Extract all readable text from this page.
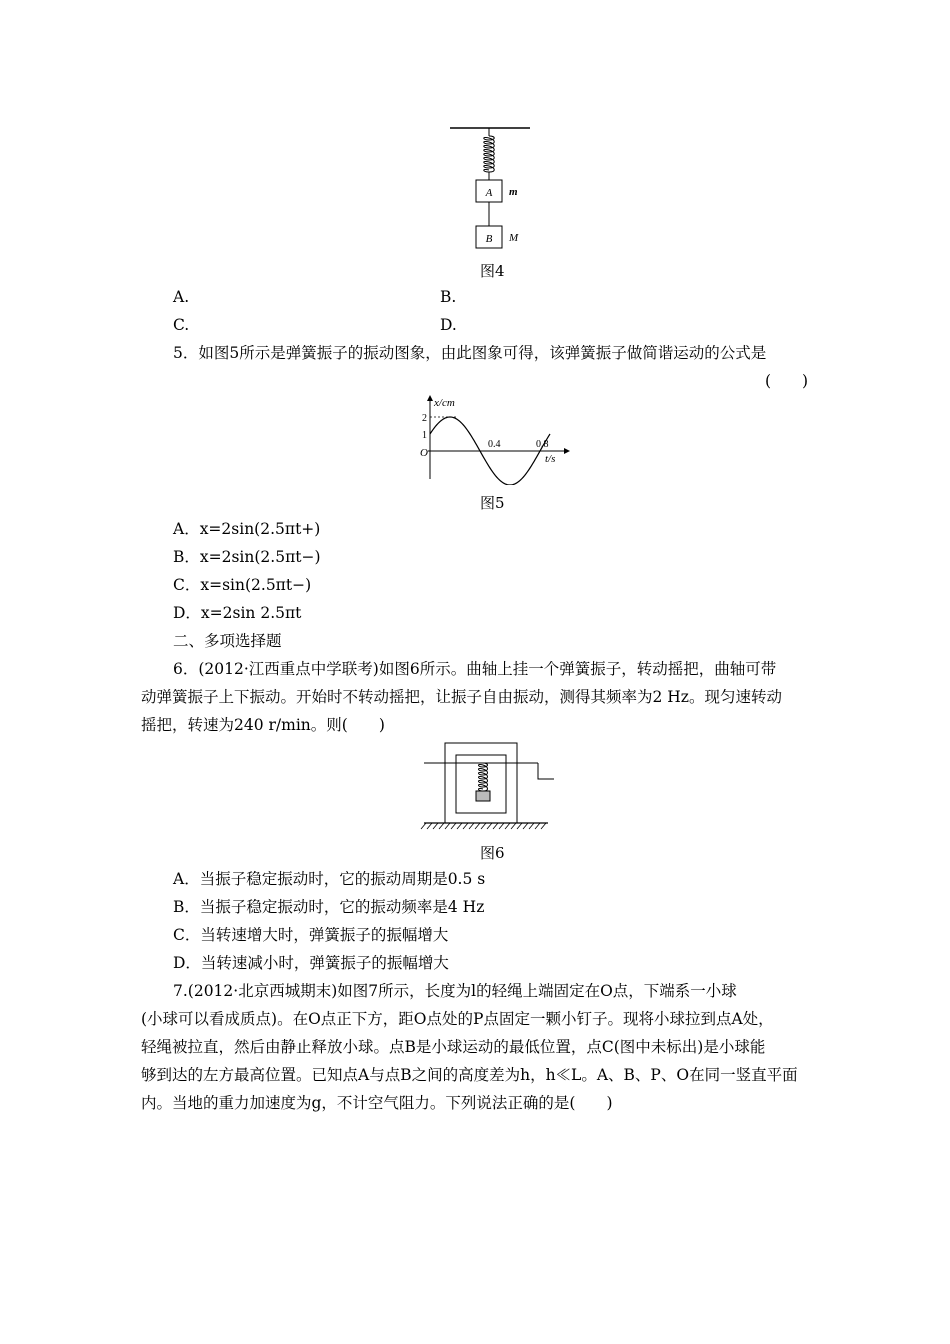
A m
B M
图4
A.	B.
C.	D.
5．如图5所示是弹簧振子的振动图象，由此图象可得，该弹簧振子做简谐运动的公式是
(　　)
x/cm
t/s
O
2
1
0.4	0.8
图5
A．x=2sin(2.5πt+)
B．x=2sin(2.5πt−)
C．x=sin(2.5πt−)
D．x=2sin 2.5πt
二、多项选择题
6．(2012·江西重点中学联考)如图6所示。曲轴上挂一个弹簧振子，转动摇把，曲轴可带
动弹簧振子上下振动。开始时不转动摇把，让振子自由振动，测得其频率为2 Hz。现匀速转动
摇把，转速为240 r/min。则(　　)
图6
A．当振子稳定振动时，它的振动周期是0.5 s
B．当振子稳定振动时，它的振动频率是4 Hz
C．当转速增大时，弹簧振子的振幅增大
D．当转速减小时，弹簧振子的振幅增大
7.(2012·北京西城期末)如图7所示，长度为l的轻绳上端固定在O点，下端系一小球
(小球可以看成质点)。在O点正下方，距O点处的P点固定一颗小钉子。现将小球拉到点A处，
轻绳被拉直，然后由静止释放小球。点B是小球运动的最低位置，点C(图中未标出)是小球能
够到达的左方最高位置。已知点A与点B之间的高度差为h，h≪L。A、B、P、O在同一竖直平面
内。当地的重力加速度为g，不计空气阻力。下列说法正确的是(　　)
